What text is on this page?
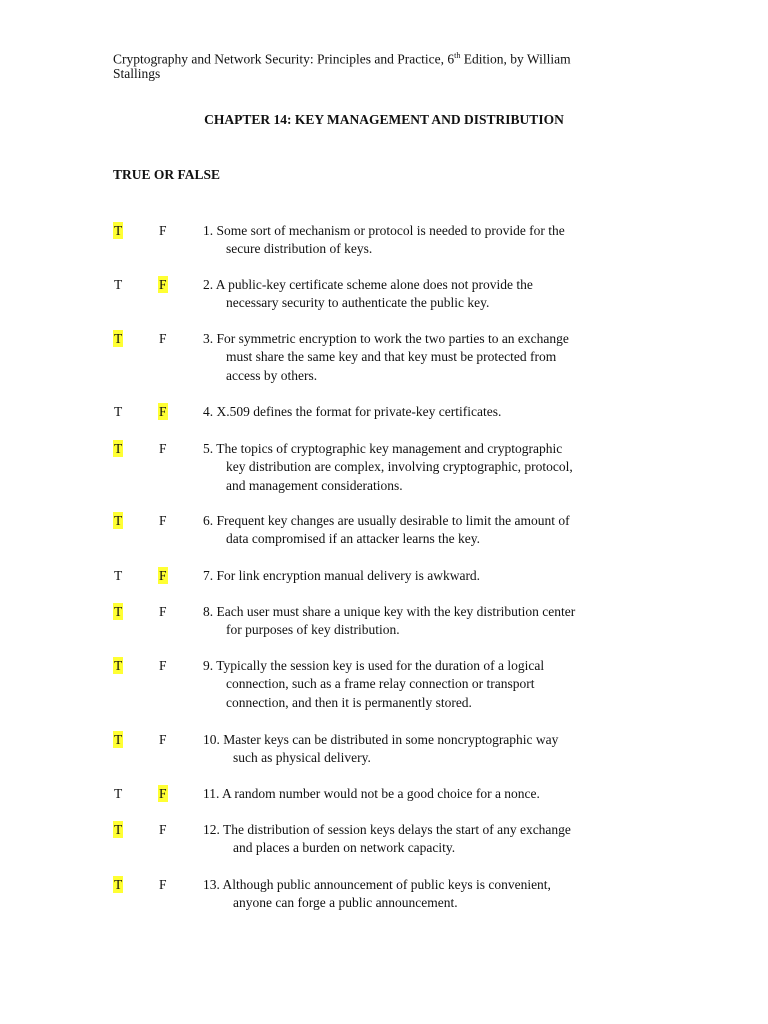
Cryptography and Network Security: Principles and Practice, 6th Edition, by William
Stallings
CHAPTER 14: KEY MANAGEMENT AND DISTRIBUTION
TRUE OR FALSE
T	F	1. Some sort of mechanism or protocol is needed to provide for the
secure distribution of keys.
T	F	2. A public-key certificate scheme alone does not provide the
necessary security to authenticate the public key.
T	F	3. For symmetric encryption to work the two parties to an exchange
must share the same key and that key must be protected from
access by others.
T	F	4. X.509 defines the format for private-key certificates.
T	F	5. The topics of cryptographic key management and cryptographic
key distribution are complex, involving cryptographic, protocol,
and management considerations.
T	F	6. Frequent key changes are usually desirable to limit the amount of
data compromised if an attacker learns the key.
T	F	7. For link encryption manual delivery is awkward.
T	F	8. Each user must share a unique key with the key distribution center
for purposes of key distribution.
T	F	9. Typically the session key is used for the duration of a logical
connection, such as a frame relay connection or transport
connection, and then it is permanently stored.
T	F	10. Master keys can be distributed in some noncryptographic way
such as physical delivery.
T	F	11. A random number would not be a good choice for a nonce.
T	F	12. The distribution of session keys delays the start of any exchange
and places a burden on network capacity.
T	F	13. Although public announcement of public keys is convenient,
anyone can forge a public announcement.
